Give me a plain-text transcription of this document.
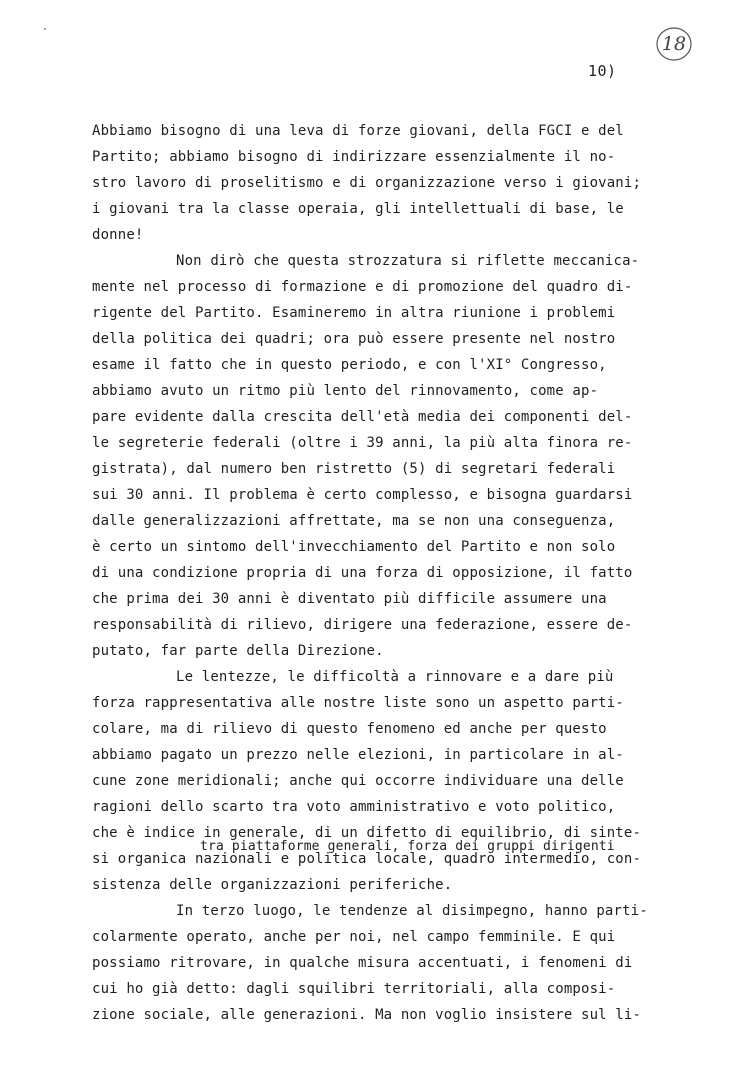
10)
18
Abbiamo bisogno di una leva di forze giovani, della FGCI e del
Partito; abbiamo bisogno di indirizzare essenzialmente il no-
stro lavoro di proselitismo e di organizzazione verso i giovani;
i giovani tra la classe operaia, gli intellettuali di base, le
donne!
Non dirò che questa strozzatura si riflette meccanica-
mente nel processo di formazione e di promozione del quadro di-
rigente del Partito. Esamineremo in altra riunione i problemi
della politica dei quadri; ora può essere presente nel nostro
esame il fatto che in questo periodo, e con l'XI° Congresso,
abbiamo avuto un ritmo più lento del rinnovamento, come ap-
pare evidente dalla crescita dell'età media dei componenti del-
le segreterie federali (oltre i 39 anni, la più alta finora re-
gistrata), dal numero ben ristretto (5) di segretari federali
sui 30 anni. Il problema è certo complesso, e bisogna guardarsi
dalle generalizzazioni affrettate, ma se non una conseguenza,
è certo un sintomo dell'invecchiamento del Partito e non solo
di una condizione propria di una forza di opposizione, il fatto
che prima dei 30 anni è diventato più difficile assumere una
responsabilità di rilievo, dirigere una federazione, essere de-
putato, far parte della Direzione.
Le lentezze, le difficoltà a rinnovare e a dare più
forza rappresentativa alle nostre liste sono un aspetto parti-
colare, ma di rilievo di questo fenomeno ed anche per questo
abbiamo pagato un prezzo nelle elezioni, in particolare in al-
cune zone meridionali; anche qui occorre individuare una delle
ragioni dello scarto tra voto amministrativo e voto politico,
che è indice in generale, di un difetto di equilibrio, di sinte-
tra piattaforme generali, forza dei gruppi dirigenti
si organica nazionali e politica locale, quadro intermedio, con-
sistenza delle organizzazioni periferiche.
In terzo luogo, le tendenze al disimpegno, hanno parti-
colarmente operato, anche per noi, nel campo femminile. E qui
possiamo ritrovare, in qualche misura accentuati, i fenomeni di
cui ho già detto: dagli squilibri territoriali, alla composi-
zione sociale, alle generazioni. Ma non voglio insistere sul li-
